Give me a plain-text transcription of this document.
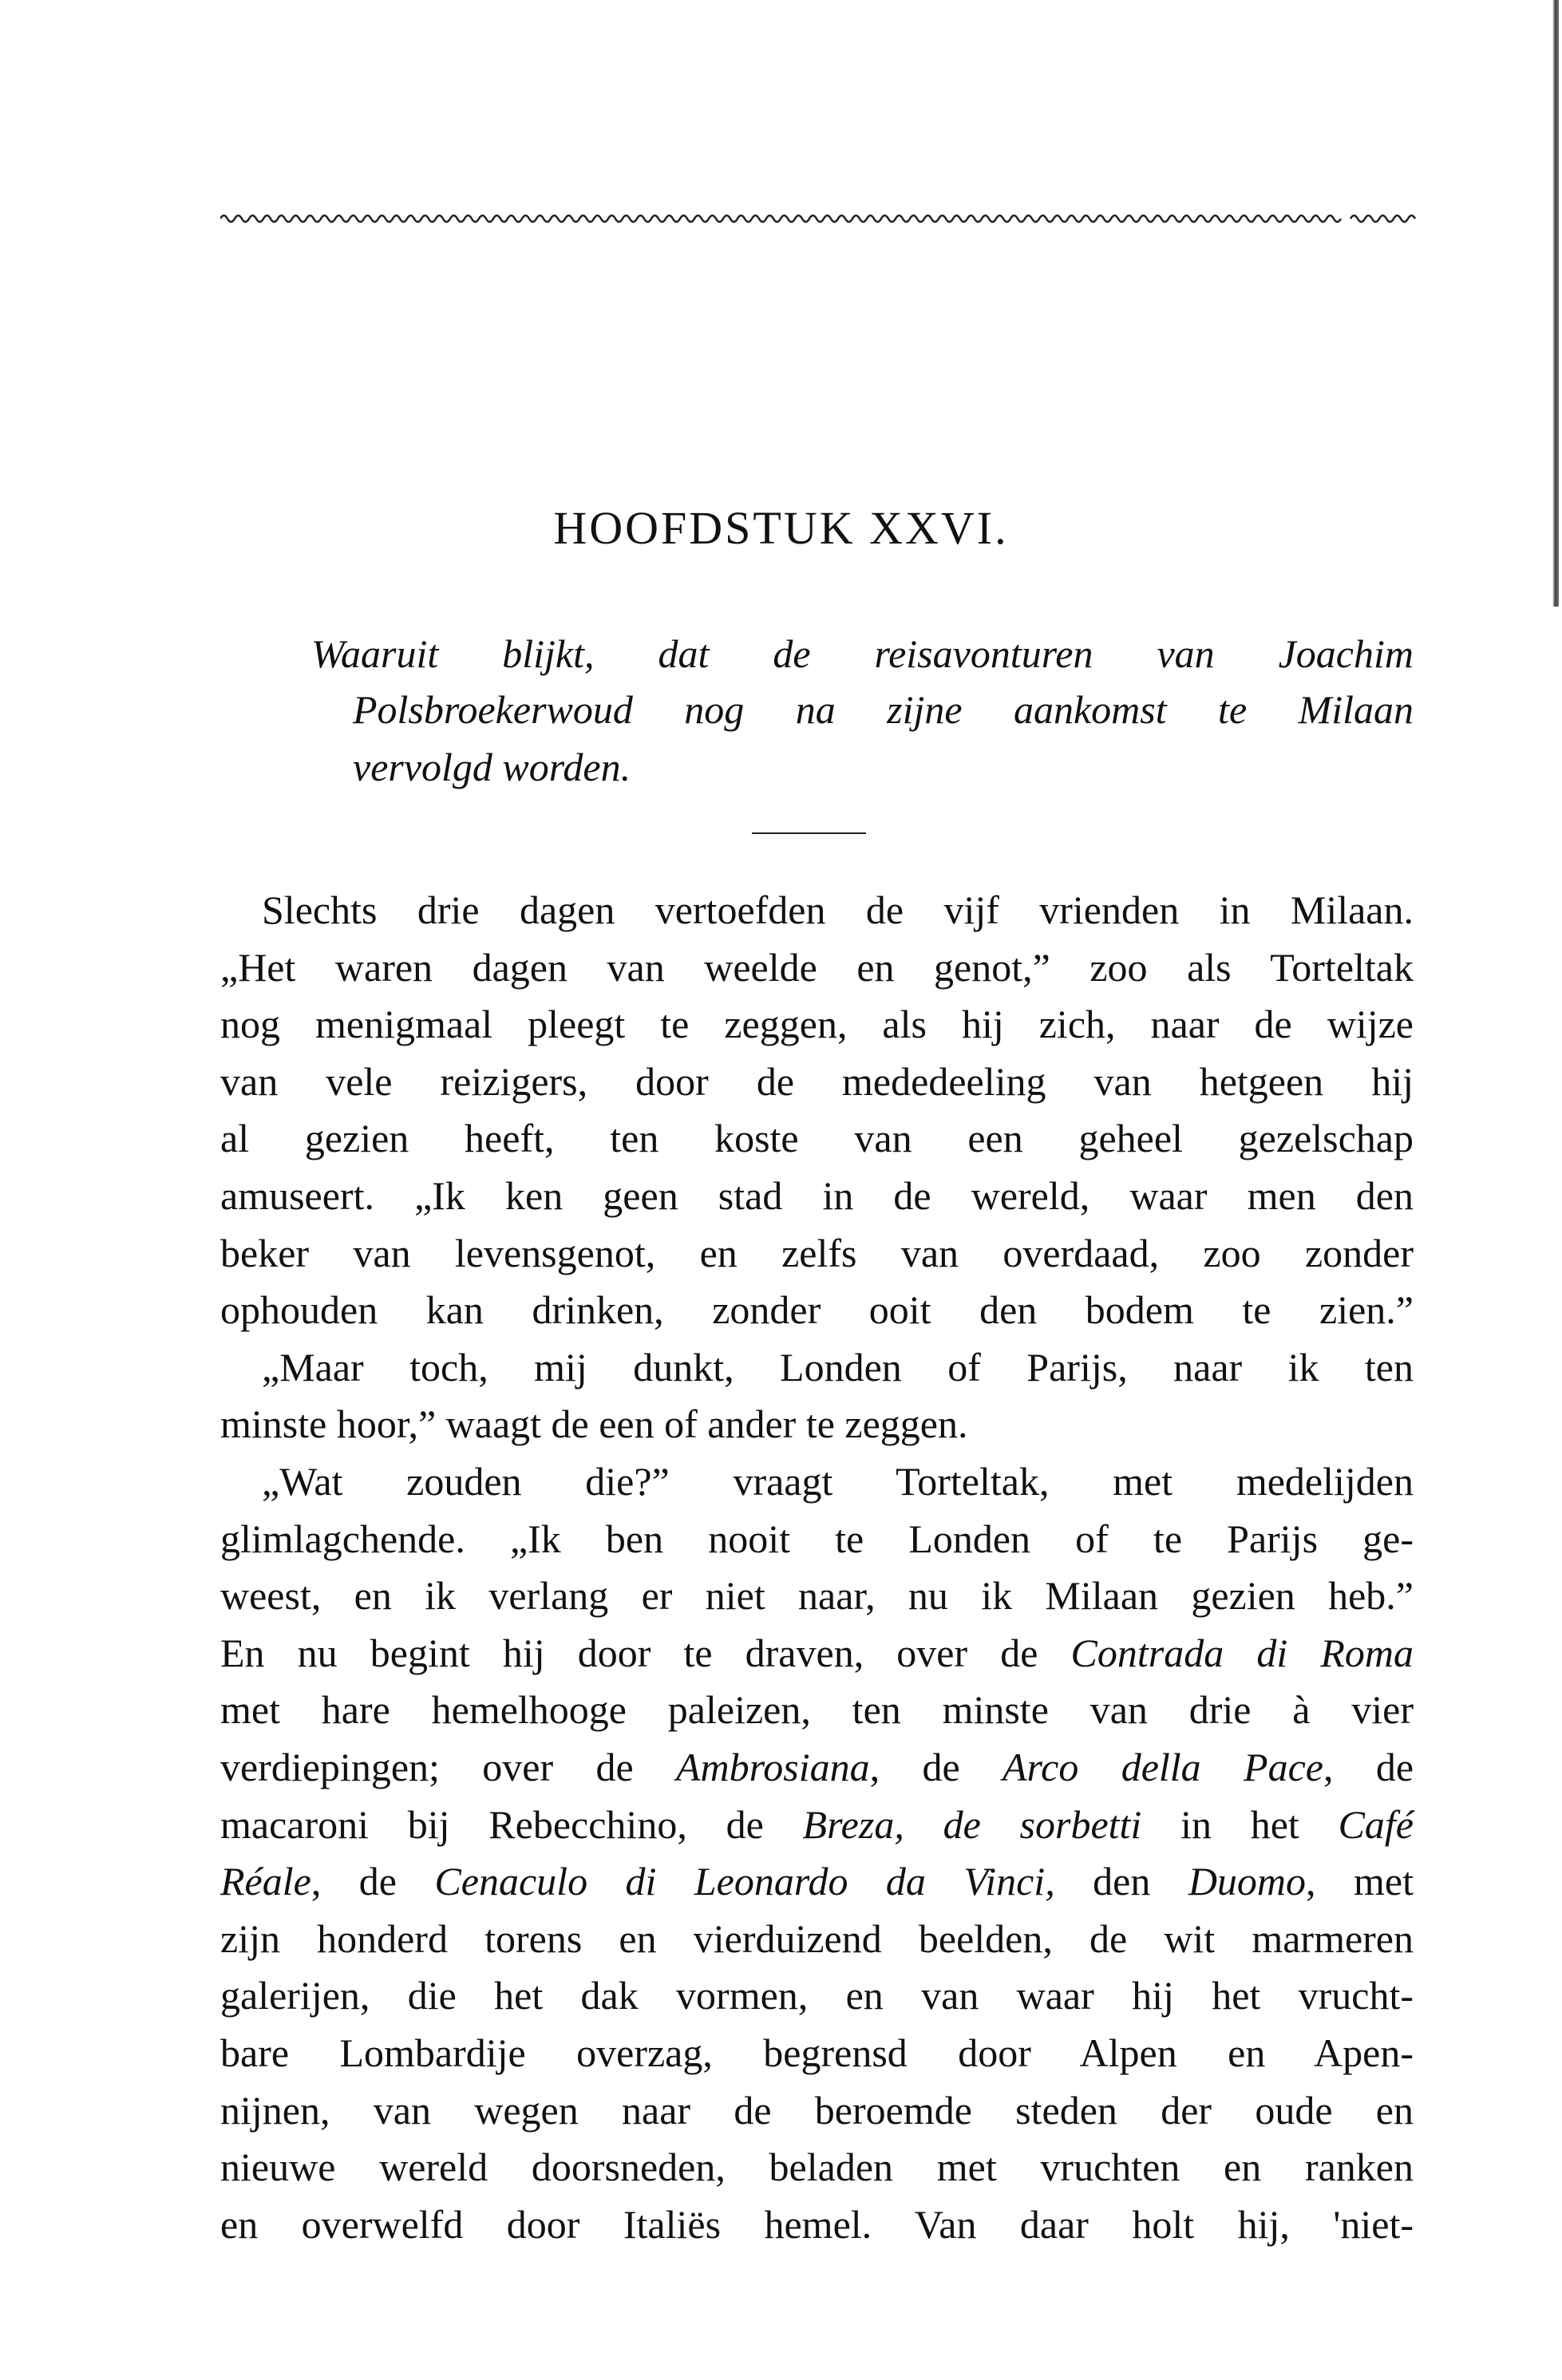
HOOFDSTUK XXVI.
Waaruit blijkt, dat de reisavonturen van Joachim
Polsbroekerwoud nog na zijne aankomst te Milaan
vervolgd worden.
Slechts drie dagen vertoefden de vijf vrienden in Milaan.
„Het waren dagen van weelde en genot,” zoo als Torteltak
nog menigmaal pleegt te zeggen, als hij zich, naar de wijze
van vele reizigers, door de mededeeling van hetgeen hij
al gezien heeft, ten koste van een geheel gezelschap
amuseert. „Ik ken geen stad in de wereld, waar men den
beker van levensgenot, en zelfs van overdaad, zoo zonder
ophouden kan drinken, zonder ooit den bodem te zien.”
„Maar toch, mij dunkt, Londen of Parijs, naar ik ten
minste hoor,” waagt de een of ander te zeggen.
„Wat zouden die?” vraagt Torteltak, met medelijden
glimlagchende. „Ik ben nooit te Londen of te Parijs ge-
weest, en ik verlang er niet naar, nu ik Milaan gezien heb.”
En nu begint hij door te draven, over de Contrada di Roma
met hare hemelhooge paleizen, ten minste van drie à vier
verdiepingen; over de Ambrosiana, de Arco della Pace, de
macaroni bij Rebecchino, de Breza, de sorbetti in het Café
Réale, de Cenaculo di Leonardo da Vinci, den Duomo, met
zijn honderd torens en vierduizend beelden, de wit marmeren
galerijen, die het dak vormen, en van waar hij het vrucht-
bare Lombardije overzag, begrensd door Alpen en Apen-
nijnen, van wegen naar de beroemde steden der oude en
nieuwe wereld doorsneden, beladen met vruchten en ranken
en overwelfd door Italiës hemel. Van daar holt hij, 'niet-
